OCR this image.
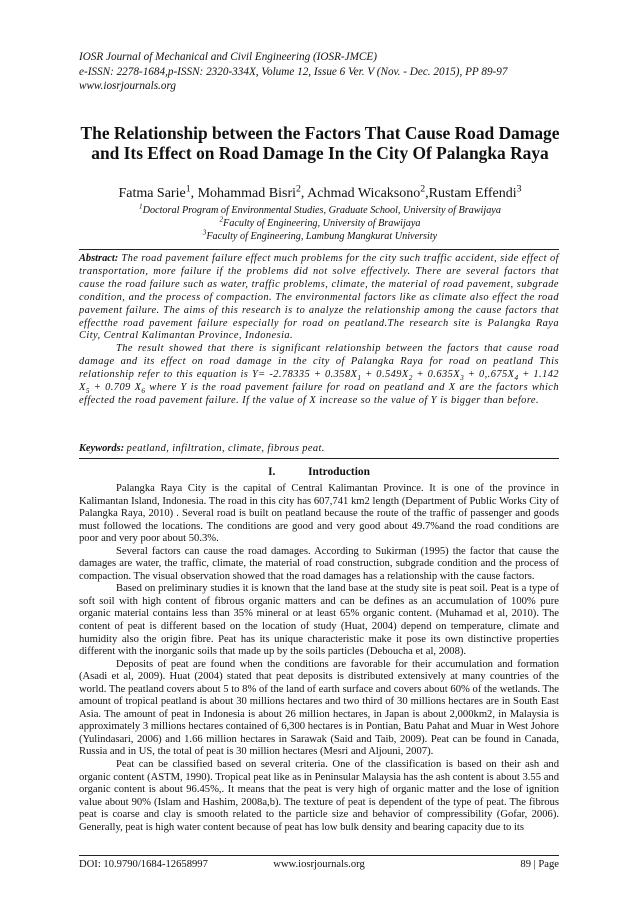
IOSR Journal of Mechanical and Civil Engineering (IOSR-JMCE)
e-ISSN: 2278-1684,p-ISSN: 2320-334X, Volume 12, Issue 6 Ver. V (Nov. - Dec. 2015), PP 89-97
www.iosrjournals.org
The Relationship between the Factors That Cause Road Damage and Its Effect on Road Damage In the City Of Palangka Raya
Fatma Sarie$^1$, Mohammad Bisri$^2$, Achmad Wicaksono$^2$,Rustam Effendi$^3$
$^1$Doctoral Program of Environmental Studies, Graduate School, University of Brawijaya
$^2$Faculty of Engineering, University of Brawijaya
$^3$Faculty of Engineering, Lambung Mangkurat University
Abstract: The road pavement failure effect much problems for the city such traffic accident, side effect of transportation, more failure if the problems did not solve effectively. There are several factors that cause the road failure such as water, traffic problems, climate, the material of road pavement, subgrade condition, and the process of compaction. The environmental factors like as climate also effect the road pavement failure. The aims of this research is to analyze the relationship among the cause factors that effectthe road pavement failure especially for road on peatland.The research site is Palangka Raya City, Central Kalimantan Province, Indonesia.
The result showed that there is significant relationship between the factors that cause road damage and its effect on road damage in the city of Palangka Raya for road on peatland This relationship refer to this equation is $Y= -2.78335 + 0.358X_1 + 0.549X_2 + 0.635X_3 + 0,.675X_4 + 1.142$ $X_5 + 0.709$ $X_6$ where Y is the road pavement failure for road on peatland and X are the factors which effected the road pavement failure. If the value of X increase so the value of Y is bigger than before.
Keywords: peatland, infiltration, climate, fibrous peat.
I.	Introduction

Palangka Raya City is the capital of Central Kalimantan Province. It is one of the province in Kalimantan Island, Indonesia. The road in this city has 607,741 km2 length (Department of Public Works City of Palangka Raya, 2010) . Several road is built on peatland because the route of the traffic of passenger and goods must followed the locations. The conditions are good and very good about 49.7%and the road conditions are poor and very poor about 50.3%.

Several factors can cause the road damages. According to Sukirman (1995) the factor that cause the damages are water, the traffic, climate, the material of road construction, subgrade condition and the process of compaction. The visual observation showed that the road damages has a relationship with the cause factors.

Based on preliminary studies it is known that the land base at the study site is peat soil. Peat is a type of soft soil with high content of fibrous organic matters and can be defines as an accumulation of 100% pure organic material contains less than 35% mineral or at least 65% organic content. (Muhamad et al, 2010). The content of peat is different based on the location of study (Huat, 2004) depend on temperature, climate and humidity also the origin fibre. Peat has its unique characteristic make it pose its own distinctive properties different with the inorganic soils that made up by the soils particles (Deboucha et al, 2008).

Deposits of peat are found when the conditions are favorable for their accumulation and formation (Asadi et al, 2009). Huat (2004) stated that peat deposits is distributed extensively at many countries of the world. The peatland covers about 5 to 8% of the land of earth surface and covers about 60% of the wetlands. The amount of tropical peatland is about 30 millions hectares and two third of 30 millions hectares are in South East Asia. The amount of peat in Indonesia is about 26 million hectares, in Japan is about 2,000km2, in Malaysia is approximately 3 millions hectares contained of 6,300 hectares is in Pontian, Batu Pahat and Muar in West Johore (Yulindasari, 2006) and 1.66 million hectares in Sarawak (Said and Taib, 2009). Peat can be found in Canada, Russia and in US, the total of peat is 30 million hectares (Mesri and Aljouni, 2007).

Peat can be classified based on several criteria. One of the classification is based on their ash and organic content (ASTM, 1990). Tropical peat like as in Peninsular Malaysia has the ash content is about 3.55 and organic content is about 96.45%,. It means that the peat is very high of organic matter and the lose of ignition value about 90% (Islam and Hashim, 2008a,b). The texture of peat is dependent of the type of peat. The fibrous peat is coarse and clay is smooth related to the particle size and behavior of compressibility (Gofar, 2006). Generally, peat is high water content because of peat has low bulk density and bearing capacity due to its

DOI: 10.9790/1684-12658997	www.iosrjournals.org	89 | Page
